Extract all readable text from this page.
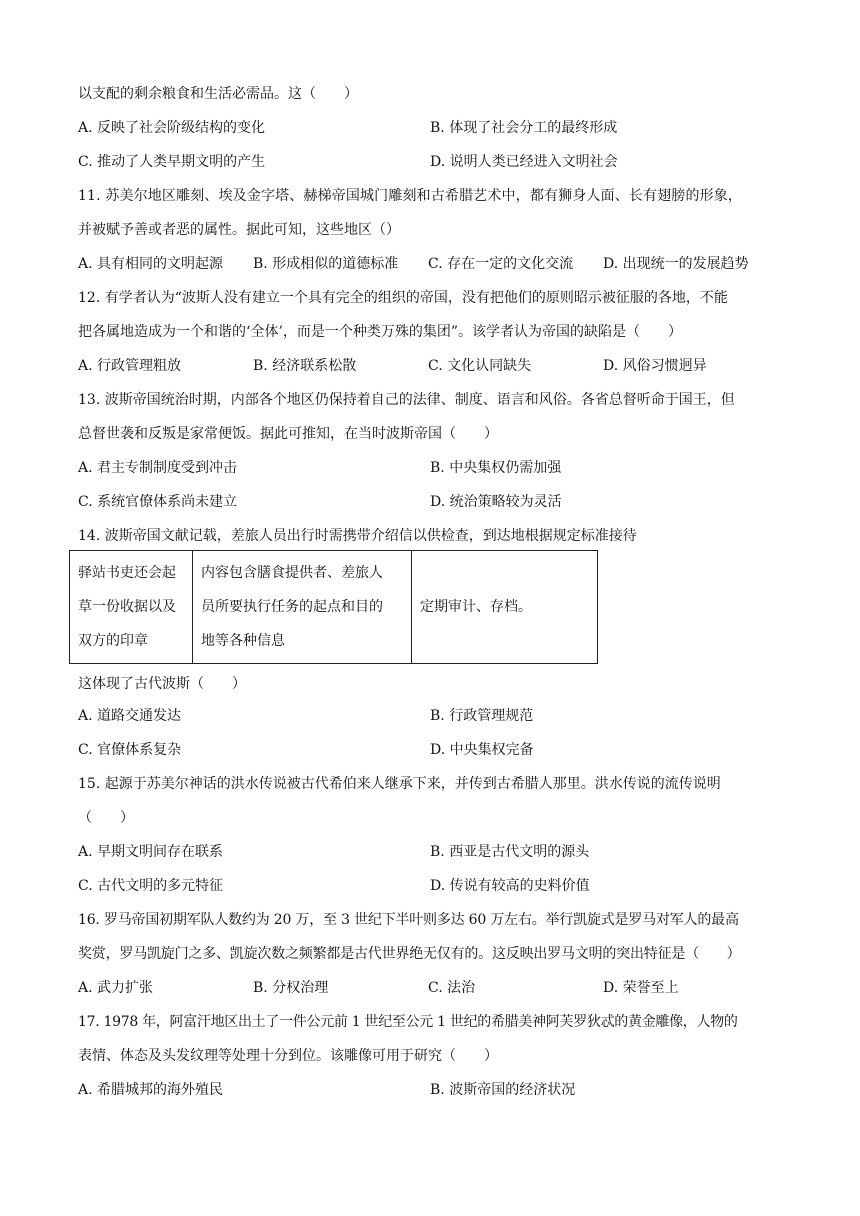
以支配的剩余粮食和生活必需品。这（　　）
A. 反映了社会阶级结构的变化	B. 体现了社会分工的最终形成
C. 推动了人类早期文明的产生	D. 说明人类已经进入文明社会
11. 苏美尔地区雕刻、埃及金字塔、赫梯帝国城门雕刻和古希腊艺术中，都有狮身人面、长有翅膀的形象，
并被赋予善或者恶的属性。据此可知，这些地区（）
A. 具有相同的文明起源 B. 形成相似的道德标准 C. 存在一定的文化交流 D. 出现统一的发展趋势
12. 有学者认为“波斯人没有建立一个具有完全的组织的帝国，没有把他们的原则昭示被征服的各地，不能
把各属地造成为一个和谐的‘全体’，而是一个种类万殊的集团”。该学者认为帝国的缺陷是（　　）
A. 行政管理粗放	B. 经济联系松散	C. 文化认同缺失	D. 风俗习惯迥异
13. 波斯帝国统治时期，内部各个地区仍保持着自己的法律、制度、语言和风俗。各省总督听命于国王，但
总督世袭和反叛是家常便饭。据此可推知，在当时波斯帝国（　　）
A. 君主专制制度受到冲击	B. 中央集权仍需加强
C. 系统官僚体系尚未建立	D. 统治策略较为灵活
14. 波斯帝国文献记载，差旅人员出行时需携带介绍信以供检查，到达地根据规定标准接待
驿站书吏还会起
草一份收据以及
双方的印章

内容包含膳食提供者、差旅人
员所要执行任务的起点和目的
地等各种信息

定期审计、存档。
这体现了古代波斯（　　）
A. 道路交通发达	B. 行政管理规范
C. 官僚体系复杂	D. 中央集权完备
15. 起源于苏美尔神话的洪水传说被古代希伯来人继承下来，并传到古希腊人那里。洪水传说的流传说明
（　　）
A. 早期文明间存在联系	B. 西亚是古代文明的源头
C. 古代文明的多元特征	D. 传说有较高的史料价值
16. 罗马帝国初期军队人数约为 20 万，至 3 世纪下半叶则多达 60 万左右。举行凯旋式是罗马对军人的最高
奖赏，罗马凯旋门之多、凯旋次数之频繁都是古代世界绝无仅有的。这反映出罗马文明的突出特征是（　　）
A. 武力扩张	B. 分权治理	C. 法治	D. 荣誉至上
17. 1978 年，阿富汗地区出土了一件公元前 1 世纪至公元 1 世纪的希腊美神阿芙罗狄忒的黄金雕像，人物的
表情、体态及头发纹理等处理十分到位。该雕像可用于研究（　　）
A. 希腊城邦的海外殖民	B. 波斯帝国的经济状况
